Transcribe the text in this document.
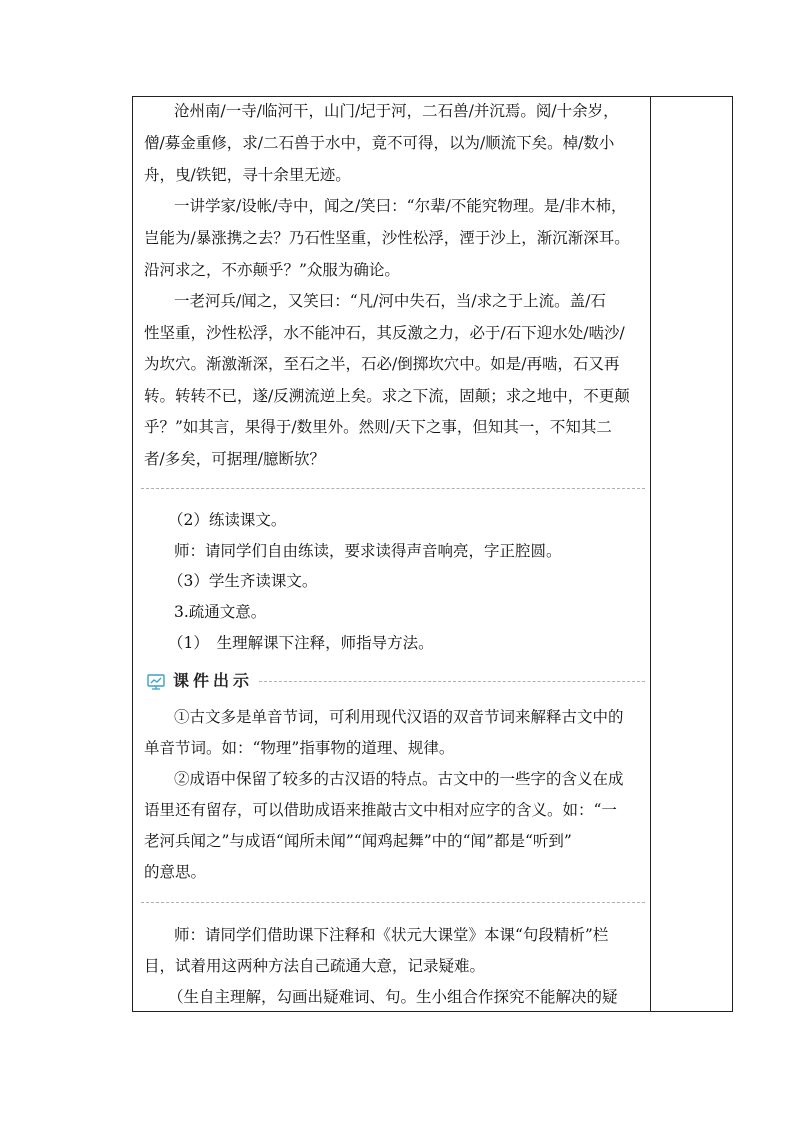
沧州南/一寺/临河干，山门/圮于河，二石兽/并沉焉。阅/十余岁，
僧/募金重修，求/二石兽于水中，竟不可得，以为/顺流下矣。棹/数小
舟，曳/铁钯，寻十余里无迹。
一讲学家/设帐/寺中，闻之/笑曰：“尔辈/不能究物理。是/非木杮，
岂能为/暴涨携之去？乃石性坚重，沙性松浮，湮于沙上，渐沉渐深耳。
沿河求之，不亦颠乎？”众服为确论。
一老河兵/闻之，又笑曰：“凡/河中失石，当/求之于上流。盖/石
性坚重，沙性松浮，水不能冲石，其反激之力，必于/石下迎水处/啮沙/
为坎穴。渐激渐深，至石之半，石必/倒掷坎穴中。如是/再啮，石又再
转。转转不已，遂/反溯流逆上矣。求之下流，固颠；求之地中，不更颠
乎？”如其言，果得于/数里外。然则/天下之事，但知其一，不知其二
者/多矣，可据理/臆断欤？
（2）练读课文。
师：请同学们自由练读，要求读得声音响亮，字正腔圆。
（3）学生齐读课文。
3.疏通文意。
（1）　生理解课下注释，师指导方法。
课件出示
①古文多是单音节词，可利用现代汉语的双音节词来解释古文中的
单音节词。如：“物理”指事物的道理、规律。
②成语中保留了较多的古汉语的特点。古文中的一些字的含义在成
语里还有留存，可以借助成语来推敲古文中相对应字的含义。如：“一
老河兵闻之”与成语“闻所未闻”“闻鸡起舞”中的“闻”都是“听到”
的意思。
师：请同学们借助课下注释和《状元大课堂》本课“句段精析”栏
目，试着用这两种方法自己疏通大意，记录疑难。
（生自主理解，勾画出疑难词、句。生小组合作探究不能解决的疑
